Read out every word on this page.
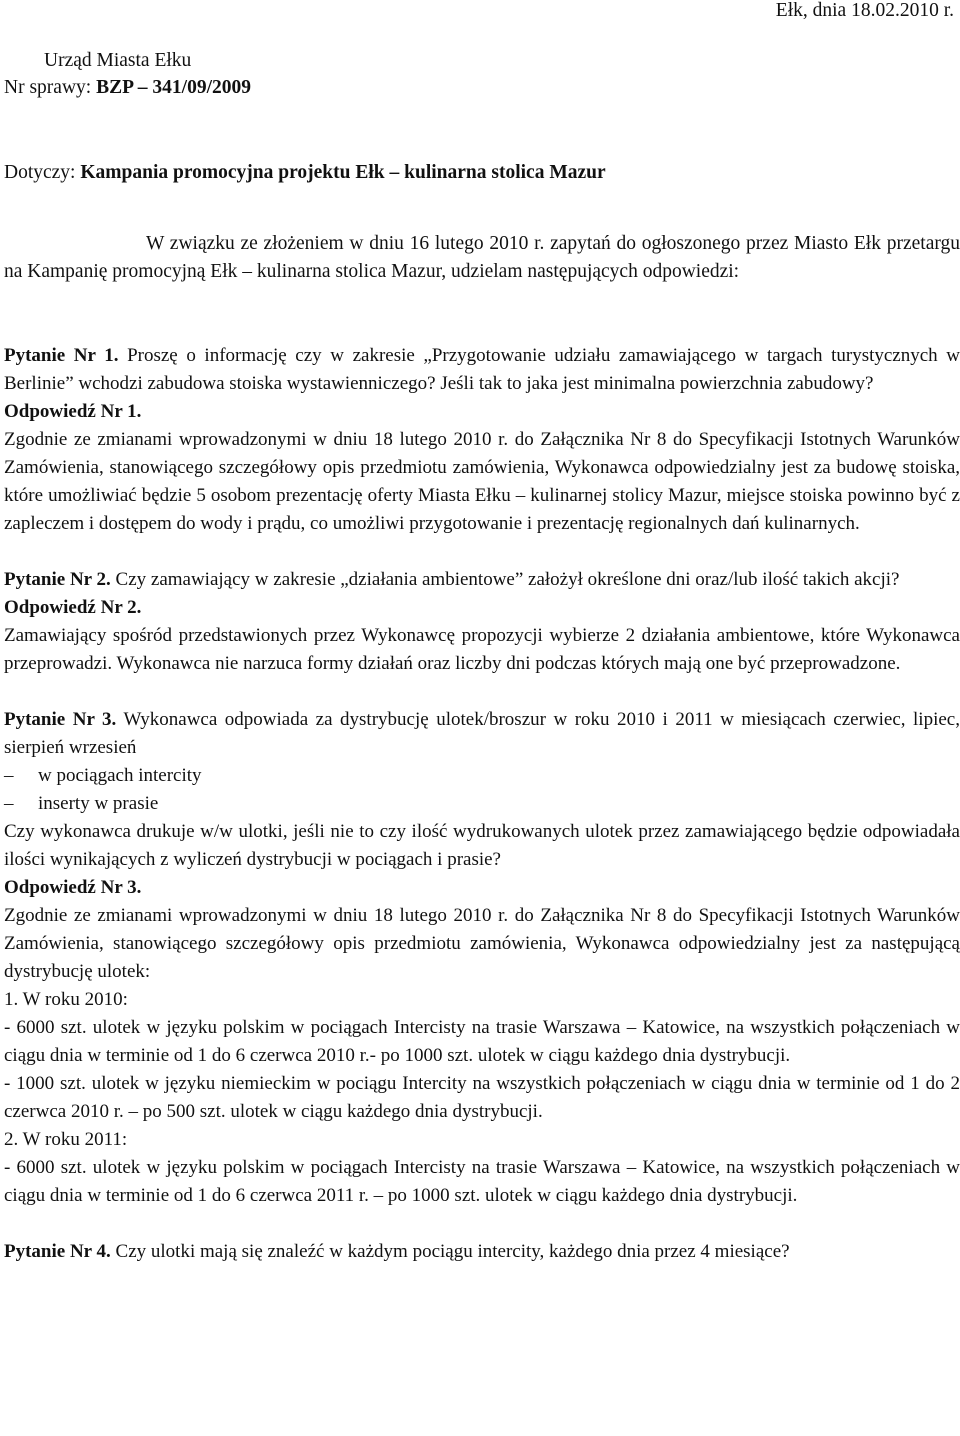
Ełk, dnia 18.02.2010 r.
Urząd Miasta Ełku
Nr sprawy: BZP – 341/09/2009
Dotyczy: Kampania promocyjna projektu Ełk – kulinarna stolica Mazur
W związku ze złożeniem w dniu 16 lutego 2010 r. zapytań do ogłoszonego przez Miasto Ełk przetargu na Kampanię promocyjną Ełk – kulinarna stolica Mazur, udzielam następujących odpowiedzi:

Pytanie Nr 1. Proszę o informację czy w zakresie „Przygotowanie udziału zamawiającego w targach turystycznych w Berlinie” wchodzi zabudowa stoiska wystawienniczego? Jeśli tak to jaka jest minimalna powierzchnia zabudowy?

Odpowiedź Nr 1.

Zgodnie ze zmianami wprowadzonymi w dniu 18 lutego 2010 r. do Załącznika Nr 8 do Specyfikacji Istotnych Warunków Zamówienia, stanowiącego szczegółowy opis przedmiotu zamówienia, Wykonawca odpowiedzialny jest za budowę stoiska, które umożliwiać będzie 5 osobom prezentację oferty Miasta Ełku – kulinarnej stolicy Mazur, miejsce stoiska powinno być z zapleczem i dostępem do wody i prądu, co umożliwi przygotowanie i prezentację regionalnych dań kulinarnych.

Pytanie Nr 2. Czy zamawiający w zakresie „działania ambientowe” założył określone dni oraz/lub ilość takich akcji?

Odpowiedź Nr 2.

Zamawiający spośród przedstawionych przez Wykonawcę propozycji wybierze 2 działania ambientowe, które Wykonawca przeprowadzi. Wykonawca nie narzuca formy działań oraz liczby dni podczas których mają one być przeprowadzone.

Pytanie Nr 3. Wykonawca odpowiada za dystrybucję ulotek/broszur w roku 2010 i 2011 w miesiącach czerwiec, lipiec, sierpień wrzesień

– w pociągach intercity
– inserty w prasie

Czy wykonawca drukuje w/w ulotki, jeśli nie to czy ilość wydrukowanych ulotek przez zamawiającego będzie odpowiadała ilości wynikających z wyliczeń dystrybucji w pociągach i prasie?

Odpowiedź Nr 3.

Zgodnie ze zmianami wprowadzonymi w dniu 18 lutego 2010 r. do Załącznika Nr 8 do Specyfikacji Istotnych Warunków Zamówienia, stanowiącego szczegółowy opis przedmiotu zamówienia, Wykonawca odpowiedzialny jest za następującą dystrybucję ulotek:

1. W roku 2010:

- 6000 szt. ulotek w języku polskim w pociągach Intercisty na trasie Warszawa – Katowice, na wszystkich połączeniach w ciągu dnia w terminie od 1 do 6 czerwca 2010 r.- po 1000 szt. ulotek w ciągu każdego dnia dystrybucji.

- 1000 szt. ulotek w języku niemieckim w pociągu Intercity na wszystkich połączeniach w ciągu dnia w terminie od 1 do 2 czerwca 2010 r. – po 500 szt. ulotek w ciągu każdego dnia dystrybucji.

2. W roku 2011:

- 6000 szt. ulotek w języku polskim w pociągach Intercisty na trasie Warszawa – Katowice, na wszystkich połączeniach w ciągu dnia w terminie od 1 do 6 czerwca 2011 r. – po 1000 szt. ulotek w ciągu każdego dnia dystrybucji.

Pytanie Nr 4. Czy ulotki mają się znaleźć w każdym pociągu intercity, każdego dnia przez 4 miesiące?
